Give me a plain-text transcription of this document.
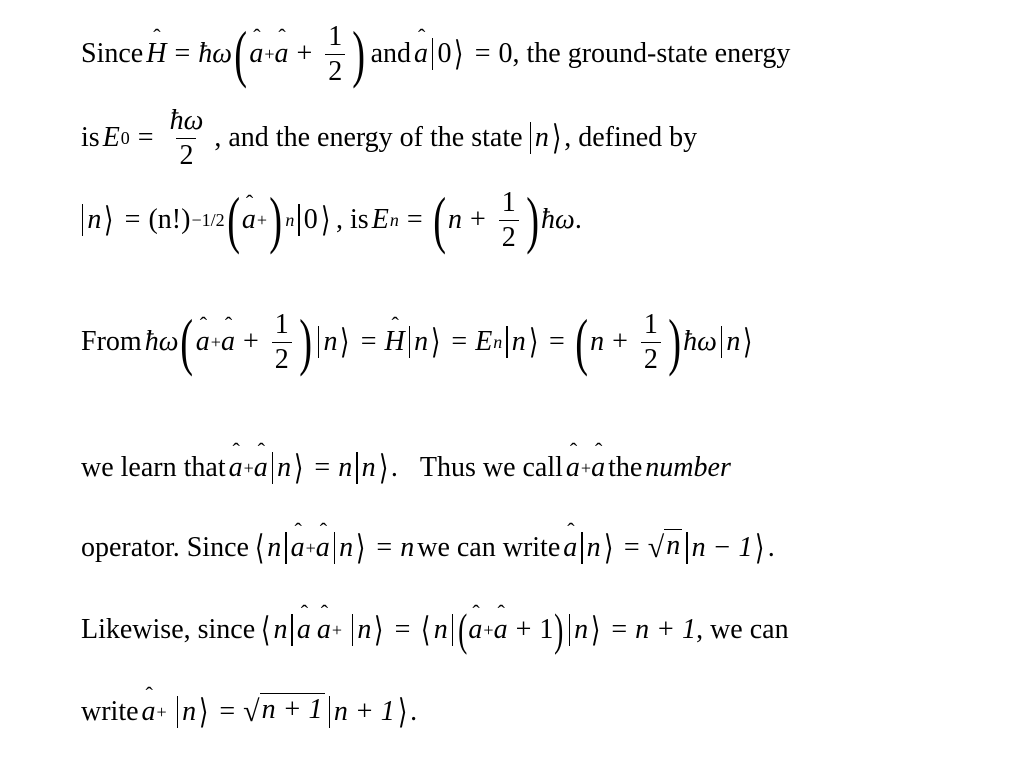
Since ˆ H = ħω ( ˆ a + ˆ $a + \frac{1}{2}$ ) and ˆ a 0 ⟩ = 0 , the ground-state energy
is E $0 = \frac{ħ\omega}{2}$ , and the energy of the state n ⟩ , defined by
n ⟩ = (n!) −1/2 ( ˆ a + ) n 0 ⟩ , is E n = ( $n + \frac{1}{2}$ ) ħω .
From ħω ( ˆ a + ˆ $a + \frac{1}{2}$ ) n ⟩ = ˆ H n ⟩ = E n n ⟩ = ( $n + \frac{1}{2}$ ) ħω n ⟩
we learn that ˆ a + ˆ a n ⟩ = n n ⟩ . Thus we call ˆ a + ˆ a the number
operator. Since ⟨ n ˆ a + ˆ a n ⟩ = n we can write ˆ a n ⟩ = √ n n − 1 ⟩ .
Likewise, since ⟨ n ˆ a ˆ a + n ⟩ = ⟨ n ( ˆ a + ˆ a + 1 ) n ⟩ = n + 1 , we can
write ˆ a + n ⟩ = √ n + 1 n + 1 ⟩ .
